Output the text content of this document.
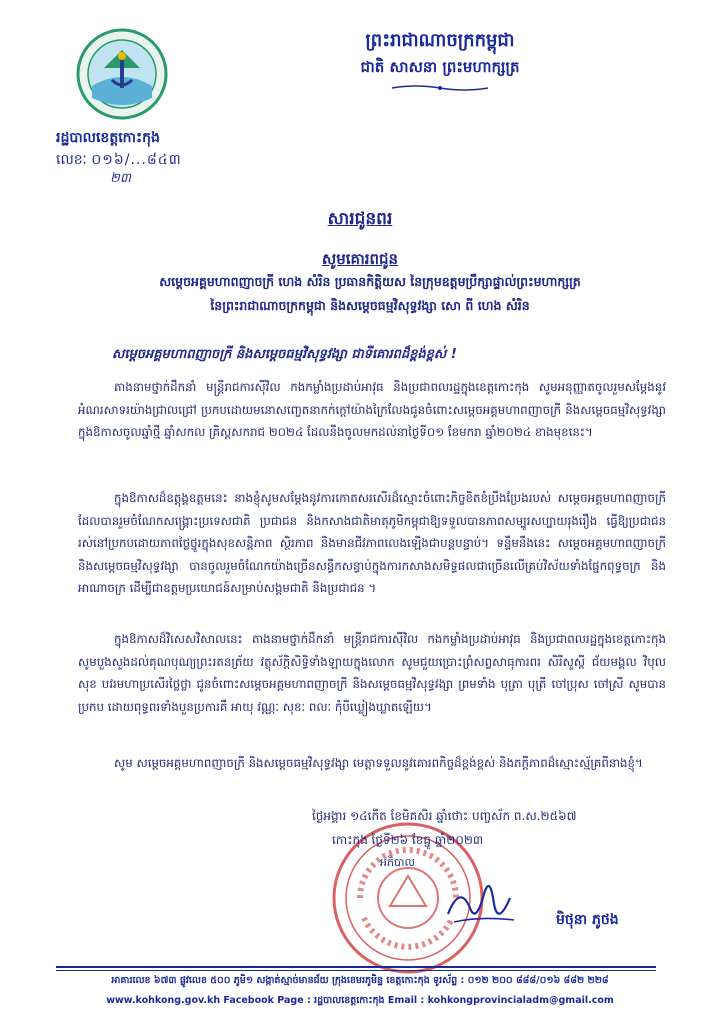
រដ្ឋបាលខេត្តកោះកុង
លេខៈ ០១៦/...៨៤៣
២៣
ព្រះរាជាណាចក្រកម្ពុជា
ជាតិ សាសនា ព្រះមហាក្សត្រ
សារជូនពរ
សូមគោរពជូន
សម្តេចអគ្គមហាពញាចក្រី ហេង សំរិន ប្រធានកិត្តិយស នៃក្រុមឧត្តមប្រឹក្សាផ្ទាល់ព្រះមហាក្សត្រ
នៃព្រះរាជាណាចក្រកម្ពុជា និងសម្តេចធម្មវិសុទ្ធវង្សា សោ ពី ហេង សំរិន
សម្តេចអគ្គមហាពញាចក្រី និងសម្តេចធម្មវិសុទ្ធវង្សា ជាទីគោរពដ៏ខ្ពង់ខ្ពស់ !
តាងនាមថ្នាក់ដឹកនាំ មន្ត្រីរាជការស៊ីវិល កងកម្លាំងប្រដាប់អាវុធ និងប្រជាពលរដ្ឋក្នុងខេត្តកោះកុង សូមអនុញ្ញាតចូលរួមសម្តែងនូវអំណរសាទរយ៉ាងជ្រាលជ្រៅ ប្រកបដោយមនោសញ្ចេតនាកក់ក្តៅយ៉ាងក្រៃលែងជូនចំពោះសម្តេចអគ្គមហាពញាចក្រី និងសម្តេចធម្មវិសុទ្ធវង្សា ក្នុងឱកាសចូលឆ្នាំថ្មី ឆ្នាំសកល គ្រិស្តសករាជ ២០២៤ ដែលនឹងចូលមកដល់នាថ្ងៃទី០១ ខែមករា ឆ្នាំ២០២៤ ខាងមុខនេះ។
ក្នុងឱកាសដ៏ឧត្តុង្គឧត្តមនេះ នាងខ្ញុំសូមសម្តែងនូវការកោតសរសើរដ៏ស្មោះចំពោះកិច្ចខិតខំប្រឹងប្រែងរបស់ សម្តេចអគ្គមហាពញាចក្រី ដែលបានរួមចំណែកសង្គ្រោះប្រទេសជាតិ ប្រជាជន និងកសាងជាតិមាតុភូមិកម្ពុជាឱ្យទទួលបានភាពសម្បូរសប្បាយរុងរឿង ធ្វើឱ្យប្រជាជន រស់នៅប្រកបដោយភាពថ្លៃថ្នូរក្នុងសុខសន្តិភាព ស្ថិរភាព និងមានជីវភាពលេងឡើងជាបន្តបន្ទាប់។ ទន្ទឹមនឹងនេះ សម្តេចអគ្គមហាពញាចក្រី និងសម្តេចធម្មវិសុទ្ធវង្សា បានចូលរួមចំណែកយ៉ាងច្រើនសន្ធឹកសន្ធាប់ក្នុងការកសាងសមិទ្ធផលជាច្រើនលើគ្រប់វិស័យទាំងផ្នែកពុទ្ធចក្រ និងអាណាចក្រ ដើម្បីជាឧត្តមប្រយោជន៍សម្រាប់សង្គមជាតិ និងប្រជាជន ។
ក្នុងឱកាសដ៏វិសេសវិសាលនេះ តាងនាមថ្នាក់ដឹកនាំ មន្ត្រីរាជការស៊ីវិល កងកម្លាំងប្រដាប់អាវុធ និងប្រជាពលរដ្ឋក្នុងខេត្តកោះកុង សូមបួងសួងដល់គុណបុណ្យព្រះរតនត្រ័យ វត្ថុស័ក្តិសិទ្ធិទាំងឡាយក្នុងលោក សូមជួយប្រោះព្រំសព្វសាធុការពរ សិរីសួស្តី ជ័យមង្គល វិបុលសុខ បវរមហាប្រសើរថ្លៃថ្លា ជូនចំពោះសម្តេចអគ្គមហាពញាចក្រី និងសម្តេចធម្មវិសុទ្ធវង្សា ព្រមទាំង បុត្រា បុត្រី ចៅប្រុស ចៅស្រី សូមបានប្រកប ដោយពុទ្ធពរទាំងបួនប្រការគឺ អាយុ វណ្ណៈ សុខៈ ពលៈ កុំបីឃ្លៀងឃ្លាតឡើយ។
សូម សម្តេចអគ្គមហាពញាចក្រី និងសម្តេចធម្មវិសុទ្ធវង្សា មេត្តាទទួលនូវគោរពកិច្ចដ៏ខ្ពង់ខ្ពស់ និងភក្តីភាពដ៏ស្មោះស្ម័គ្រពីនាងខ្ញុំ។
ថ្ងៃអង្គារ ១៤កើត ខែមិគសិរ ឆ្នាំថោះ បញ្ចស័ក ព.ស.២៥៦៧
កោះកុង ថ្ងៃទី២៦ ខែធ្នូ ឆ្នាំ២០២៣
អភិបាល
មិថុនា ភូថង
អាគារលេខ ៦៧៣ ផ្លូវលេខ ៥០០ ភូមិ១ សង្កាត់ស្មាច់មានជ័យ ក្រុងខេមរភូមិន្ទ ខេត្តកោះកុង ទូរស័ព្ទ : ០១២ ២០០ ៨៨៨/០១៦ ៨៨២ ២២៨
www.kohkong.gov.kh Facebook Page : រដ្ឋបាលខេត្តកោះកុង Email : kohkongprovincialadm@gmail.com
